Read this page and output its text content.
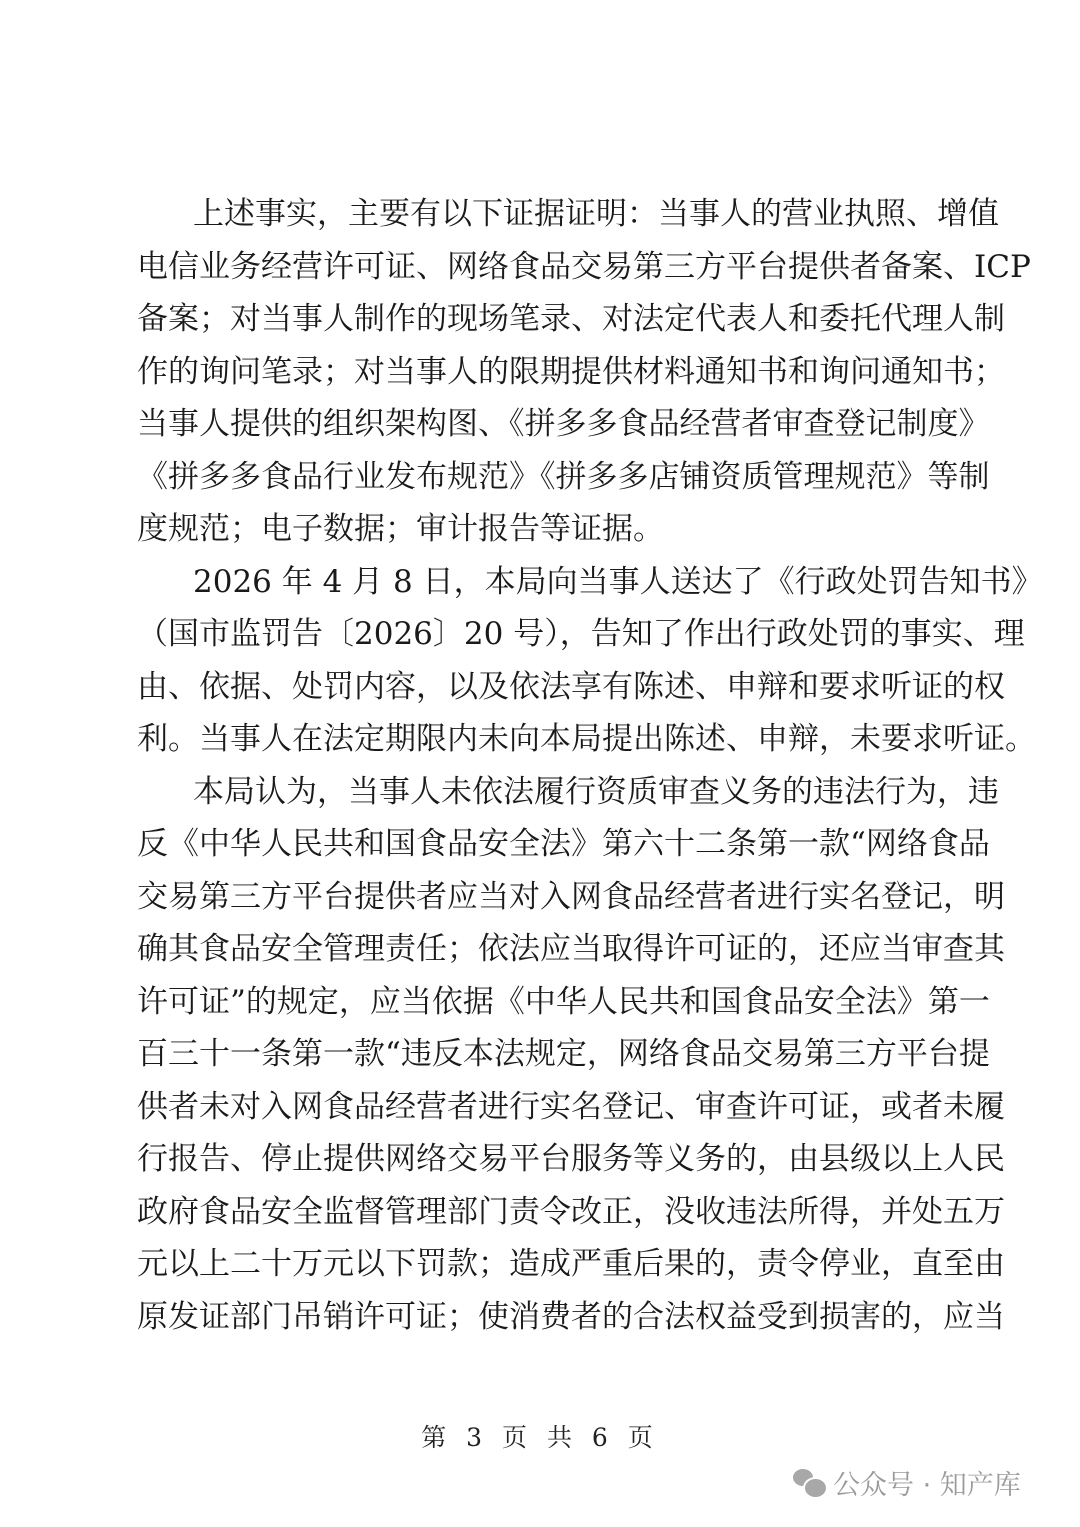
上述事实，主要有以下证据证明：当事人的营业执照、增值
电信业务经营许可证、网络食品交易第三方平台提供者备案、ICP
备案；对当事人制作的现场笔录、对法定代表人和委托代理人制
作的询问笔录；对当事人的限期提供材料通知书和询问通知书；
当事人提供的组织架构图、《拼多多食品经营者审查登记制度》
《拼多多食品行业发布规范》《拼多多店铺资质管理规范》等制
度规范；电子数据；审计报告等证据。
2026 年 4 月 8 日，本局向当事人送达了《行政处罚告知书》
（国市监罚告〔2026〕20 号），告知了作出行政处罚的事实、理
由、依据、处罚内容，以及依法享有陈述、申辩和要求听证的权
利。当事人在法定期限内未向本局提出陈述、申辩，未要求听证。
本局认为，当事人未依法履行资质审查义务的违法行为，违
反《中华人民共和国食品安全法》第六十二条第一款“网络食品
交易第三方平台提供者应当对入网食品经营者进行实名登记，明
确其食品安全管理责任；依法应当取得许可证的，还应当审查其
许可证”的规定，应当依据《中华人民共和国食品安全法》第一
百三十一条第一款“违反本法规定，网络食品交易第三方平台提
供者未对入网食品经营者进行实名登记、审查许可证，或者未履
行报告、停止提供网络交易平台服务等义务的，由县级以上人民
政府食品安全监督管理部门责令改正，没收违法所得，并处五万
元以上二十万元以下罚款；造成严重后果的，责令停业，直至由
原发证部门吊销许可证；使消费者的合法权益受到损害的，应当
第 3 页 共 6 页
公众号 · 知产库
